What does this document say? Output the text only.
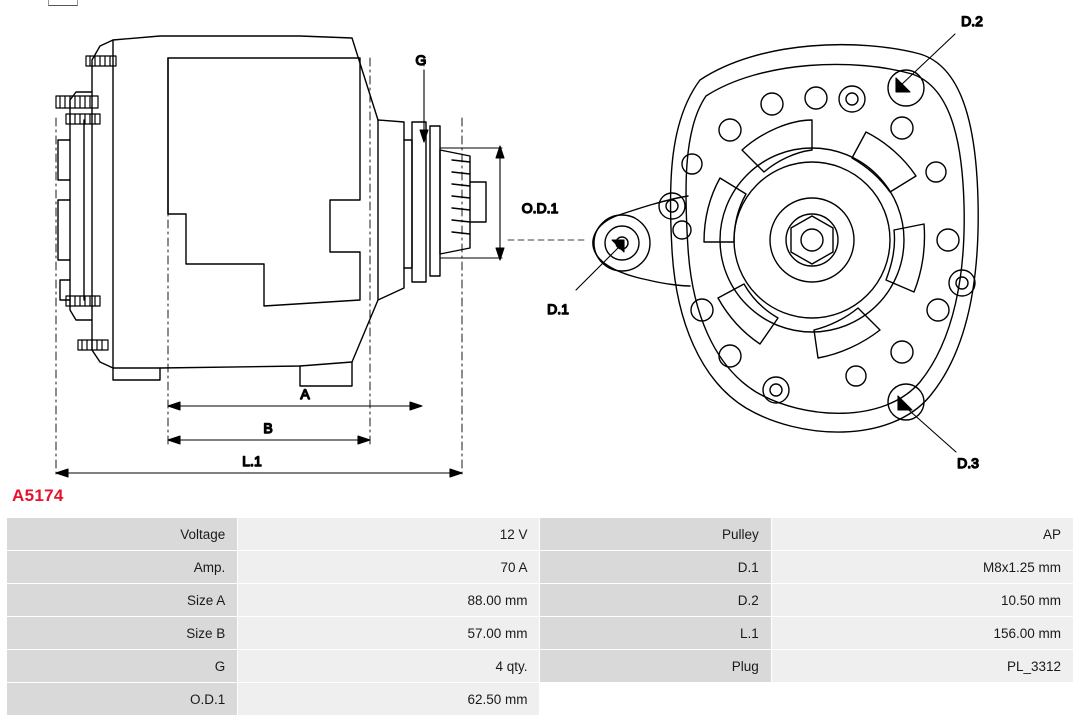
G
O.D.1
A
B
L.1
D.2
D.1
D.3
A5174
Voltage	12 V	Pulley	AP
Amp.	70 A	D.1	M8x1.25 mm
Size A	88.00 mm	D.2	10.50 mm
Size B	57.00 mm	L.1	156.00 mm
G	4 qty.	Plug	PL_3312
O.D.1	62.50 mm		
